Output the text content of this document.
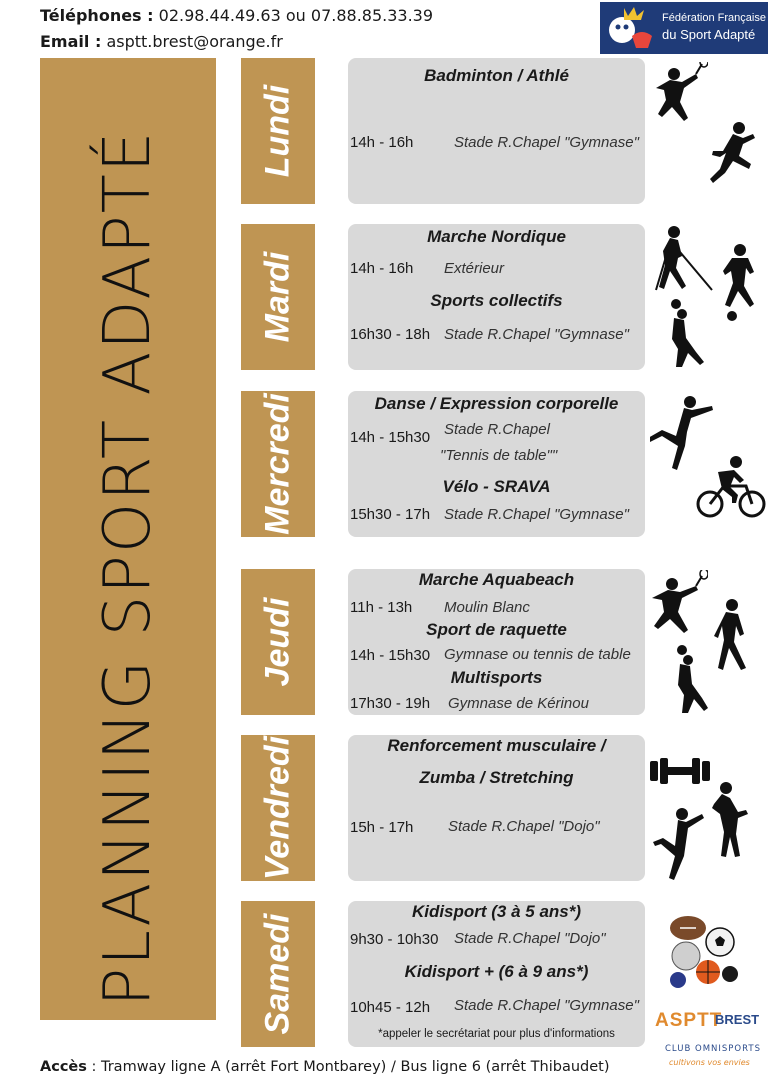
Téléphones : 02.98.44.49.63 ou 07.88.85.33.39
Email : asptt.brest@orange.fr
Fédération Française
du Sport Adapté
PLANNING SPORT ADAPTÉ	Lundi
Mardi
Mercredi
Jeudi
Vendredi
Samedi
Badminton / Athlé
14h - 16h	Stade R.Chapel "Gymnase"
Marche Nordique
14h - 16h Extérieur
Sports collectifs
16h30 - 18h Stade R.Chapel "Gymnase"
Danse / Expression corporelle
14h - 15h30 Stade R.Chapel
"Tennis de table""
Vélo - SRAVA
15h30 - 17h Stade R.Chapel "Gymnase"
Marche Aquabeach
11h - 13h Moulin Blanc
Sport de raquette
14h - 15h30 Gymnase ou tennis de table
Multisports
17h30 - 19h Gymnase de Kérinou
Renforcement musculaire /
Zumba / Stretching
15h - 17h Stade R.Chapel "Dojo"
Kidisport (3 à 5 ans*)
9h30 - 10h30 Stade R.Chapel "Dojo"
Kidisport + (6 à 9 ans*)
10h45 - 12h Stade R.Chapel "Gymnase"
*appeler le secrétariat pour plus d'informations
ASPTT
BREST
CLUB OMNISPORTS
cultivons vos envies
Accès : Tramway ligne A (arrêt Fort Montbarey) / Bus ligne 6 (arrêt Thibaudet)
